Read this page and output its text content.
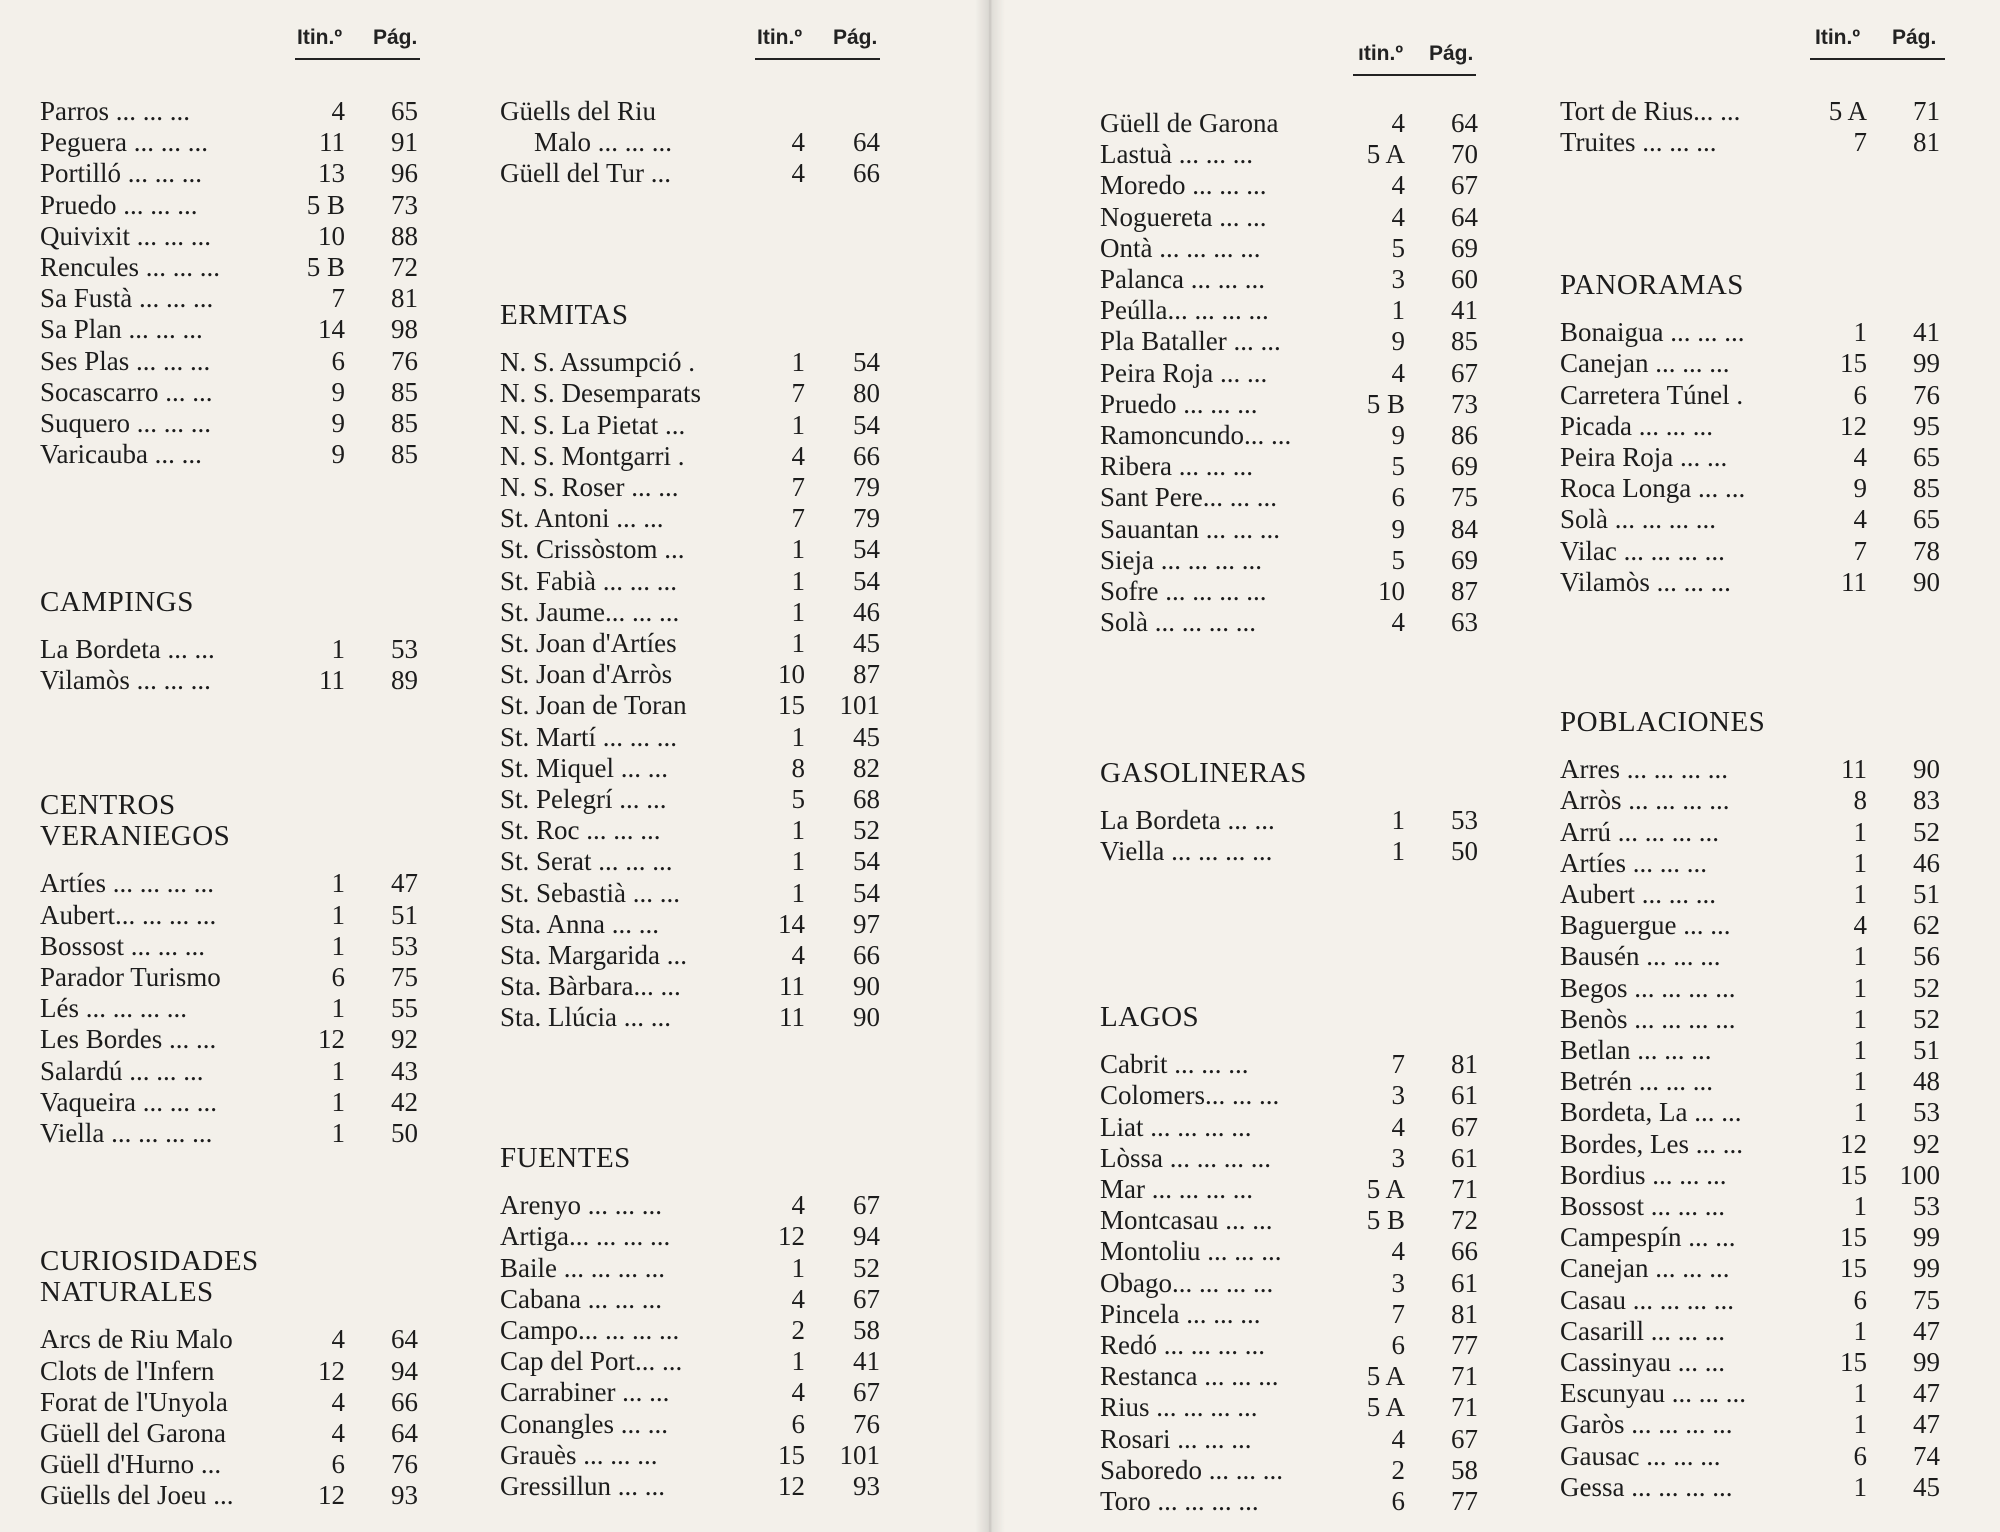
Itin.º Pág.	Itin.º Pág.
ıtin.º Pág.
Itin.º Pág.
Parros ... ... ...	4 65
Peguera ... ... ...	11 91
Portilló ... ... ...	13 96
Pruedo ... ... ...	5 B 73
Quivixit ... ... ...	10 88
Rencules ... ... ...	5 B 72
Sa Fustà ... ... ...	7 81
Sa Plan ... ... ...	14 98
Ses Plas ... ... ...	6 76
Socascarro ... ...	9 85
Suquero ... ... ...	9 85
Varicauba ... ...	9 85
CAMPINGS
La Bordeta ... ...	1 53
Vilamòs ... ... ...	11 89
CENTROS
VERANIEGOS
Artíes ... ... ... ...	1 47
Aubert... ... ... ...	1 51
Bossost ... ... ...	1 53
Parador Turismo	6 75
Lés ... ... ... ...	1 55
Les Bordes ... ...	12 92
Salardú ... ... ...	1 43
Vaqueira ... ... ...	1 42
Viella ... ... ... ...	1 50
CURIOSIDADES
NATURALES
Arcs de Riu Malo	4 64
Clots de l'Infern	12 94
Forat de l'Unyola	4 66
Güell del Garona	4 64
Güell d'Hurno ...	6 76
Güells del Joeu ...	12 93
Güells del Riu
Malo ... ... ...	4 64
Güell del Tur ...	4 66
ERMITAS
N. S. Assumpció .	1 54
N. S. Desemparats	7 80
N. S. La Pietat ...	1 54
N. S. Montgarri .	4 66
N. S. Roser ... ...	7 79
St. Antoni ... ...	7 79
St. Crissòstom ...	1 54
St. Fabià ... ... ...	1 54
St. Jaume... ... ...	1 46
St. Joan d'Artíes	1 45
St. Joan d'Arròs	10 87
St. Joan de Toran	15 101
St. Martí ... ... ...	1 45
St. Miquel ... ...	8 82
St. Pelegrí ... ...	5 68
St. Roc ... ... ...	1 52
St. Serat ... ... ...	1 54
St. Sebastià ... ...	1 54
Sta. Anna ... ...	14 97
Sta. Margarida ...	4 66
Sta. Bàrbara... ...	11 90
Sta. Llúcia ... ...	11 90
FUENTES
Arenyo ... ... ...	4 67
Artiga... ... ... ...	12 94
Baile ... ... ... ...	1 52
Cabana ... ... ...	4 67
Campo... ... ... ...	2 58
Cap del Port... ...	1 41
Carrabiner ... ...	4 67
Conangles ... ...	6 76
Grauès ... ... ...	15 101
Gressillun ... ...	12 93
Güell de Garona	4 64
Lastuà ... ... ...	5 A 70
Moredo ... ... ...	4 67
Nogueretа ... ...	4 64
Ontà ... ... ... ...	5 69
Palanca ... ... ...	3 60
Peúlla... ... ... ...	1 41
Pla Bataller ... ...	9 85
Peira Roja ... ...	4 67
Pruedo ... ... ...	5 B 73
Ramoncundo... ...	9 86
Ribera ... ... ...	5 69
Sant Pere... ... ...	6 75
Sauantan ... ... ...	9 84
Sieja ... ... ... ...	5 69
Sofre ... ... ... ...	10 87
Solà ... ... ... ...	4 63
GASOLINERAS
La Bordeta ... ...	1 53
Viella ... ... ... ...	1 50
LAGOS
Cabrit ... ... ...	7 81
Colomers... ... ...	3 61
Liat ... ... ... ...	4 67
Lòssa ... ... ... ...	3 61
Mar ... ... ... ...	5 A 71
Montcasau ... ...	5 B 72
Montoliu ... ... ...	4 66
Obago... ... ... ...	3 61
Pincela ... ... ...	7 81
Redó ... ... ... ...	6 77
Restanca ... ... ...	5 A 71
Rius ... ... ... ...	5 A 71
Rosari ... ... ...	4 67
Saboredo ... ... ...	2 58
Toro ... ... ... ...	6 77
Tort de Rius... ...	5 A 71
Truites ... ... ...	7 81
PANORAMAS
Bonaigua ... ... ...	1 41
Canejan ... ... ...	15 99
Carretera Túnel .	6 76
Picada ... ... ...	12 95
Peira Roja ... ...	4 65
Roca Longa ... ...	9 85
Solà ... ... ... ...	4 65
Vilac ... ... ... ...	7 78
Vilamòs ... ... ...	11 90
POBLACIONES
Arres ... ... ... ...	11 90
Arròs ... ... ... ...	8 83
Arrú ... ... ... ...	1 52
Artíes ... ... ...	1 46
Aubert ... ... ...	1 51
Baguergue ... ...	4 62
Bausén ... ... ...	1 56
Begos ... ... ... ...	1 52
Benòs ... ... ... ...	1 52
Betlan ... ... ...	1 51
Betrén ... ... ...	1 48
Bordeta, La ... ...	1 53
Bordes, Les ... ...	12 92
Bordius ... ... ...	15 100
Bossost ... ... ...	1 53
Campespín ... ...	15 99
Canejan ... ... ...	15 99
Casau ... ... ... ...	6 75
Casarill ... ... ...	1 47
Cassinyau ... ...	15 99
Escunyau ... ... ...	1 47
Garòs ... ... ... ...	1 47
Gausac ... ... ...	6 74
Gessa ... ... ... ...	1 45
